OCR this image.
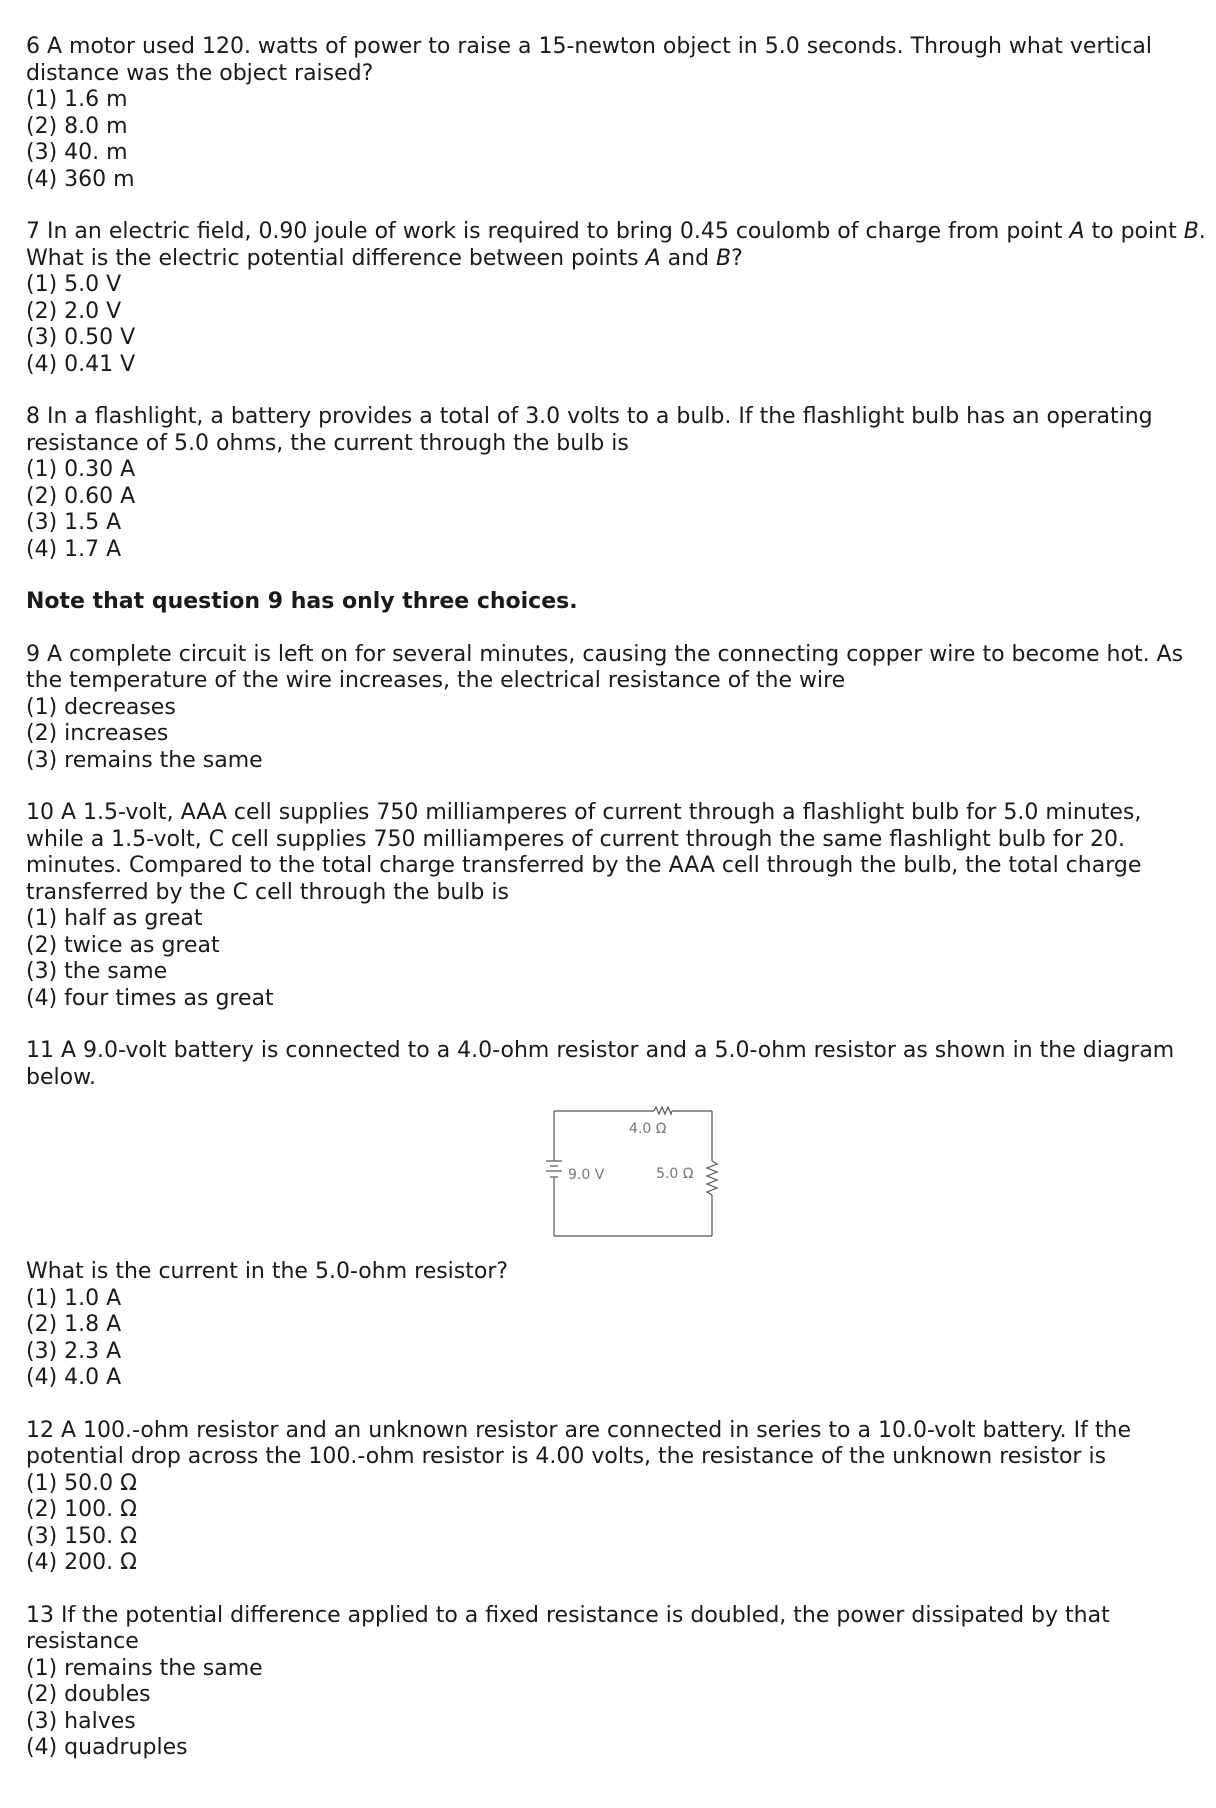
6 A motor used 120. watts of power to raise a 15-newton object in 5.0 seconds. Through what vertical distance was the object raised?

(1) 1.6 m
(2) 8.0 m
(3) 40. m
(4) 360 m

7 In an electric field, 0.90 joule of work is required to bring 0.45 coulomb of charge from point A to point B. What is the electric potential difference between points A and B?

(1) 5.0 V
(2) 2.0 V
(3) 0.50 V
(4) 0.41 V

8 In a flashlight, a battery provides a total of 3.0 volts to a bulb. If the flashlight bulb has an operating resistance of 5.0 ohms, the current through the bulb is

(1) 0.30 A
(2) 0.60 A
(3) 1.5 A
(4) 1.7 A

Note that question 9 has only three choices.

9 A complete circuit is left on for several minutes, causing the connecting copper wire to become hot. As the temperature of the wire increases, the electrical resistance of the wire

(1) decreases
(2) increases
(3) remains the same

10 A 1.5-volt, AAA cell supplies 750 milliamperes of current through a flashlight bulb for 5.0 minutes, while a 1.5-volt, C cell supplies 750 milliamperes of current through the same flashlight bulb for 20. minutes. Compared to the total charge transferred by the AAA cell through the bulb, the total charge transferred by the C cell through the bulb is

(1) half as great
(2) twice as great
(3) the same
(4) four times as great

11 A 9.0-volt battery is connected to a 4.0-ohm resistor and a 5.0-ohm resistor as shown in the diagram below.

4.0 Ω
9.0 V	5.0 Ω

What is the current in the 5.0-ohm resistor?

(1) 1.0 A
(2) 1.8 A
(3) 2.3 A
(4) 4.0 A

12 A 100.-ohm resistor and an unknown resistor are connected in series to a 10.0-volt battery. If the potential drop across the 100.-ohm resistor is 4.00 volts, the resistance of the unknown resistor is

(1) 50.0 Ω
(2) 100. Ω
(3) 150. Ω
(4) 200. Ω

13 If the potential difference applied to a fixed resistance is doubled, the power dissipated by that resistance

(1) remains the same
(2) doubles
(3) halves
(4) quadruples
